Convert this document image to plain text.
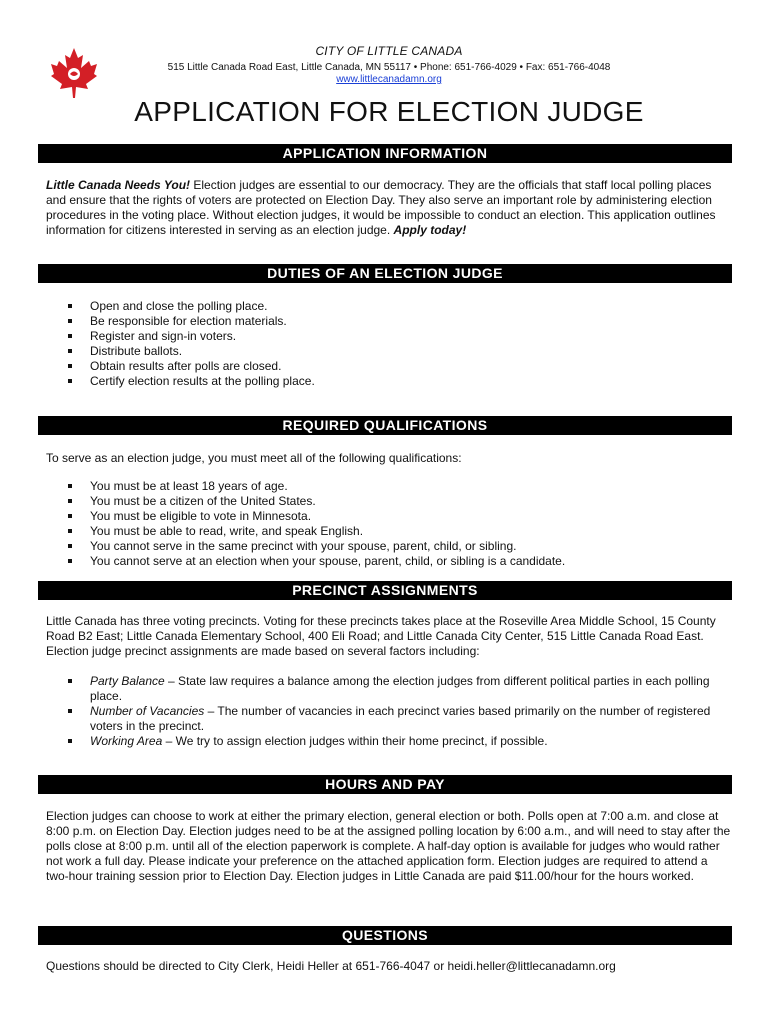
CITY OF LITTLE CANADA
515 Little Canada Road East, Little Canada, MN 55117 • Phone: 651-766-4029 • Fax: 651-766-4048
www.littlecanadamn.org
APPLICATION FOR ELECTION JUDGE
APPLICATION INFORMATION

Little Canada Needs You! Election judges are essential to our democracy. They are the officials that staff local polling places and ensure that the rights of voters are protected on Election Day. They also serve an important role by administering election procedures in the voting place. Without election judges, it would be impossible to conduct an election. This application outlines information for citizens interested in serving as an election judge. Apply today!

DUTIES OF AN ELECTION JUDGE
Open and close the polling place.
Be responsible for election materials.
Register and sign-in voters.
Distribute ballots.
Obtain results after polls are closed.
Certify election results at the polling place.
REQUIRED QUALIFICATIONS

To serve as an election judge, you must meet all of the following qualifications:

You must be at least 18 years of age.
You must be a citizen of the United States.
You must be eligible to vote in Minnesota.
You must be able to read, write, and speak English.
You cannot serve in the same precinct with your spouse, parent, child, or sibling.
You cannot serve at an election when your spouse, parent, child, or sibling is a candidate.
PRECINCT ASSIGNMENTS

Little Canada has three voting precincts. Voting for these precincts takes place at the Roseville Area Middle School, 15 County Road B2 East; Little Canada Elementary School, 400 Eli Road; and Little Canada City Center, 515 Little Canada Road East. Election judge precinct assignments are made based on several factors including:

Party Balance – State law requires a balance among the election judges from different political parties in each polling place.
Number of Vacancies – The number of vacancies in each precinct varies based primarily on the number of registered voters in the precinct.
Working Area – We try to assign election judges within their home precinct, if possible.
HOURS AND PAY

Election judges can choose to work at either the primary election, general election or both. Polls open at 7:00 a.m. and close at 8:00 p.m. on Election Day. Election judges need to be at the assigned polling location by 6:00 a.m., and will need to stay after the polls close at 8:00 p.m. until all of the election paperwork is complete. A half-day option is available for judges who would rather not work a full day. Please indicate your preference on the attached application form. Election judges are required to attend a two-hour training session prior to Election Day. Election judges in Little Canada are paid $11.00/hour for the hours worked.

QUESTIONS

Questions should be directed to City Clerk, Heidi Heller at 651-766-4047 or heidi.heller@littlecanadamn.org
